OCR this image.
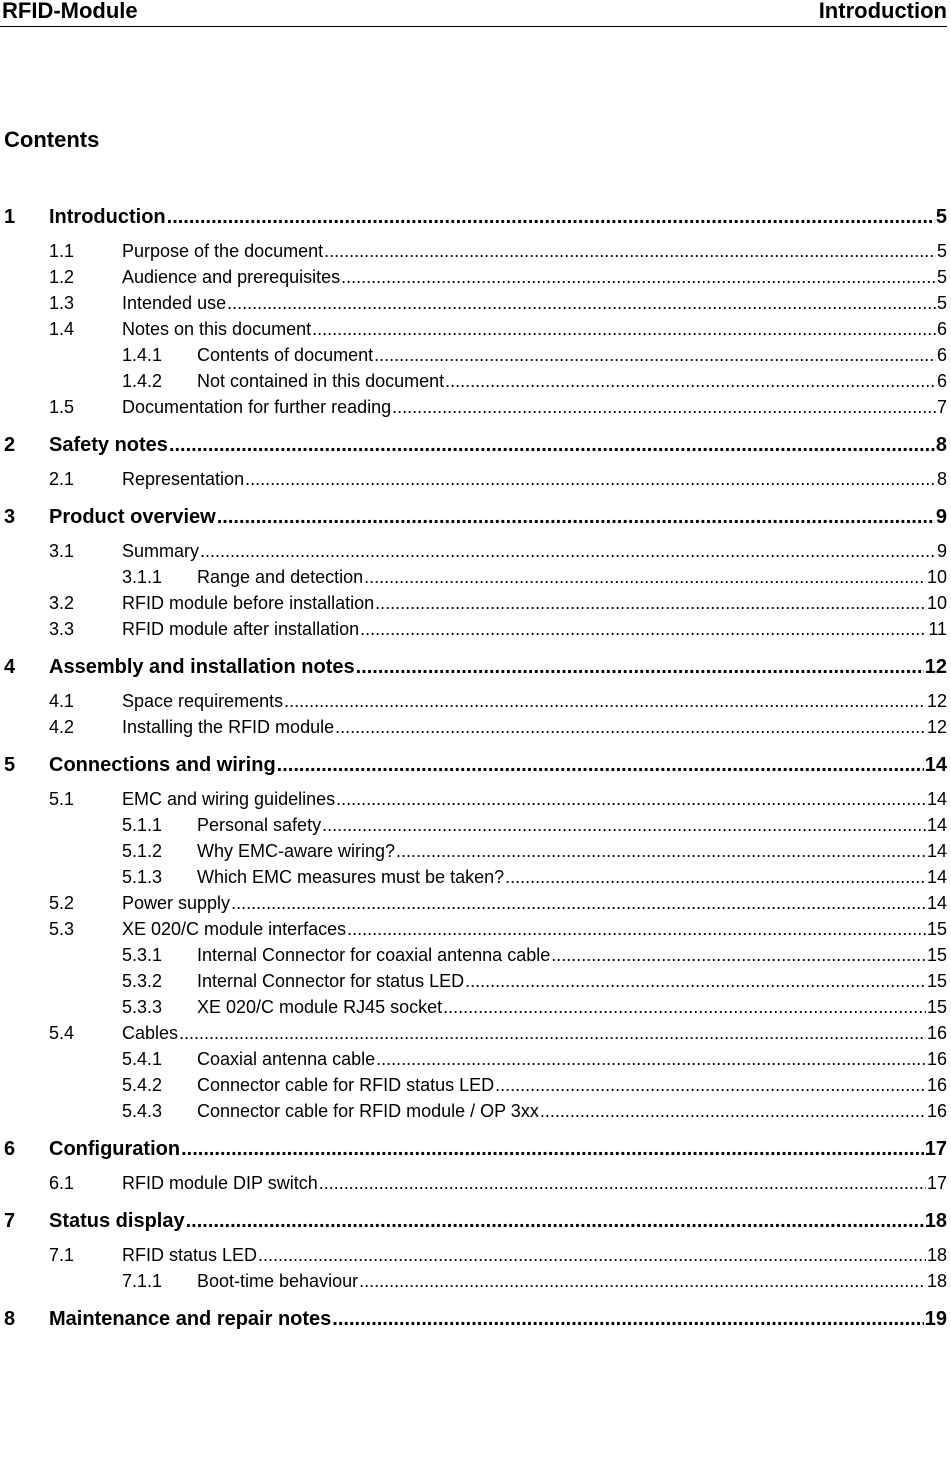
RFID-Module	Introduction
Contents
1	Introduction .....	5
1.1	Purpose of the document .....	5
1.2	Audience and prerequisites .....	5
1.3	Intended use .....	5
1.4	Notes on this document .....	6
1.4.1	Contents of document .....	6
1.4.2	Not contained in this document .....	6
1.5	Documentation for further reading .....	7
2	Safety notes .....	8
2.1	Representation .....	8
3	Product overview .....	9
3.1	Summary .....	9
3.1.1	Range and detection .....	10
3.2	RFID module before installation .....	10
3.3	RFID module after installation .....	11
4	Assembly and installation notes .....	12
4.1	Space requirements .....	12
4.2	Installing the RFID module .....	12
5	Connections and wiring .....	14
5.1	EMC and wiring guidelines .....	14
5.1.1	Personal safety .....	14
5.1.2	Why EMC-aware wiring? .....	14
5.1.3	Which EMC measures must be taken? .....	14
5.2	Power supply .....	14
5.3	XE 020/C module interfaces .....	15
5.3.1	Internal Connector for coaxial antenna cable .....	15
5.3.2	Internal Connector for status LED .....	15
5.3.3	XE 020/C module RJ45 socket .....	15
5.4	Cables .....	16
5.4.1	Coaxial antenna cable .....	16
5.4.2	Connector cable for RFID status LED .....	16
5.4.3	Connector cable for RFID module / OP 3xx .....	16
6	Configuration .....	17
6.1	RFID module DIP switch .....	17
7	Status display .....	18
7.1	RFID status LED .....	18
7.1.1	Boot-time behaviour .....	18
8	Maintenance and repair notes .....	19
